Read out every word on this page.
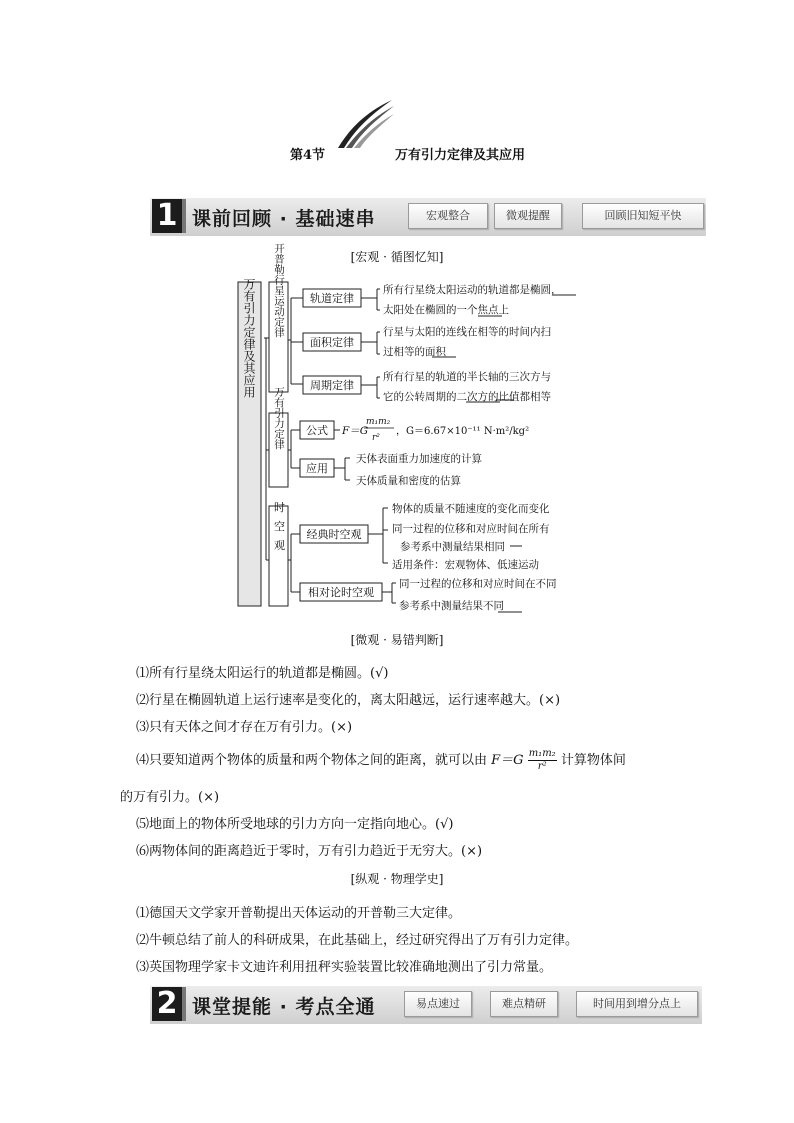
第4节	万有引力定律及其应用
1 课前回顾 · 基础速串	宏观整合	微观提醒	回顾旧知短平快
[宏观 · 循图忆知]
万有引力定律及其应用 开普勒行星运动定律
万有引力定律
时空观
轨道定律
面积定律
周期定律
公式
应用
经典时空观
相对论时空观
所有行星绕太阳运动的轨道都是椭圆，
太阳处在椭圆的一个焦点上
行星与太阳的连线在相等的时间内扫
过相等的面积
所有行星的轨道的半长轴的三次方与
它的公转周期的二次方的比值都相等
F＝G
m₁m₂
r²
，G＝6.67×10⁻¹¹ N·m²/kg²
天体表面重力加速度的计算
天体质量和密度的估算
物体的质量不随速度的变化而变化
同一过程的位移和对应时间在所有
参考系中测量结果相同
适用条件：宏观物体、低速运动
同一过程的位移和对应时间在不同
参考系中测量结果不同
[微观 · 易错判断]
⑴所有行星绕太阳运行的轨道都是椭圆。(√)
⑵行星在椭圆轨道上运行速率是变化的，离太阳越远，运行速率越大。(×)
⑶只有天体之间才存在万有引力。(×)
⑷只要知道两个物体的质量和两个物体之间的距离，就可以由 $F=G \frac{\text{m₁m₂}}{\text{r²}}$ 计算物体间
的万有引力。(×)
⑸地面上的物体所受地球的引力方向一定指向地心。(√)
⑹两物体间的距离趋近于零时，万有引力趋近于无穷大。(×)
[纵观 · 物理学史]
⑴德国天文学家开普勒提出天体运动的开普勒三大定律。
⑵牛顿总结了前人的科研成果，在此基础上，经过研究得出了万有引力定律。
⑶英国物理学家卡文迪许利用扭秤实验装置比较准确地测出了引力常量。
2 课堂提能 · 考点全通	易点速过	难点精研	时间用到增分点上
